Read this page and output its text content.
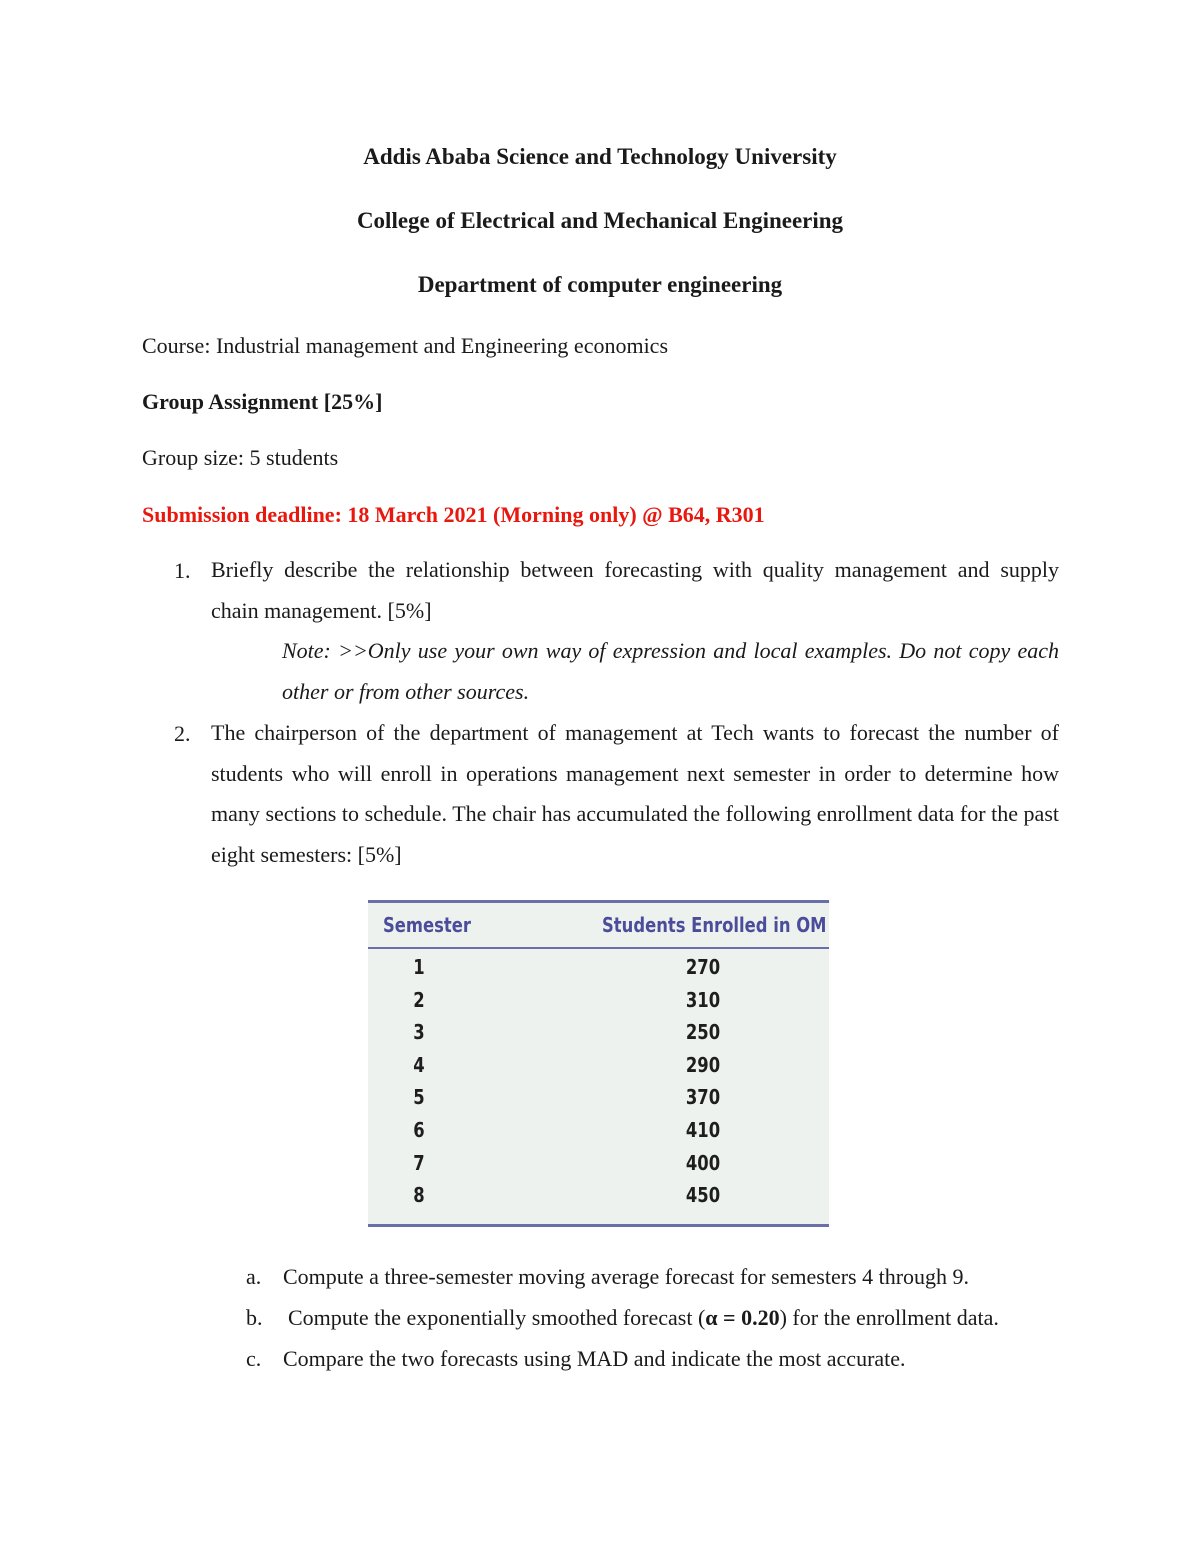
Addis Ababa Science and Technology University
College of Electrical and Mechanical Engineering
Department of computer engineering
Course: Industrial management and Engineering economics
Group Assignment [25%]
Group size: 5 students
Submission deadline: 18 March 2021 (Morning only) @ B64, R301
1. Briefly describe the relationship between forecasting with quality management and supply chain management. [5%]
Note: >>Only use your own way of expression and local examples. Do not copy each other or from other sources.
2. The chairperson of the department of management at Tech wants to forecast the number of students who will enroll in operations management next semester in order to determine how many sections to schedule. The chair has accumulated the following enrollment data for the past eight semesters: [5%]
Semester	Students Enrolled in OM
1	270
2	310
3	250
4	290
5	370
6	410
7	400
8	450
a. Compute a three-semester moving average forecast for semesters 4 through 9.
b. Compute the exponentially smoothed forecast (α = 0.20) for the enrollment data.
c. Compare the two forecasts using MAD and indicate the most accurate.
